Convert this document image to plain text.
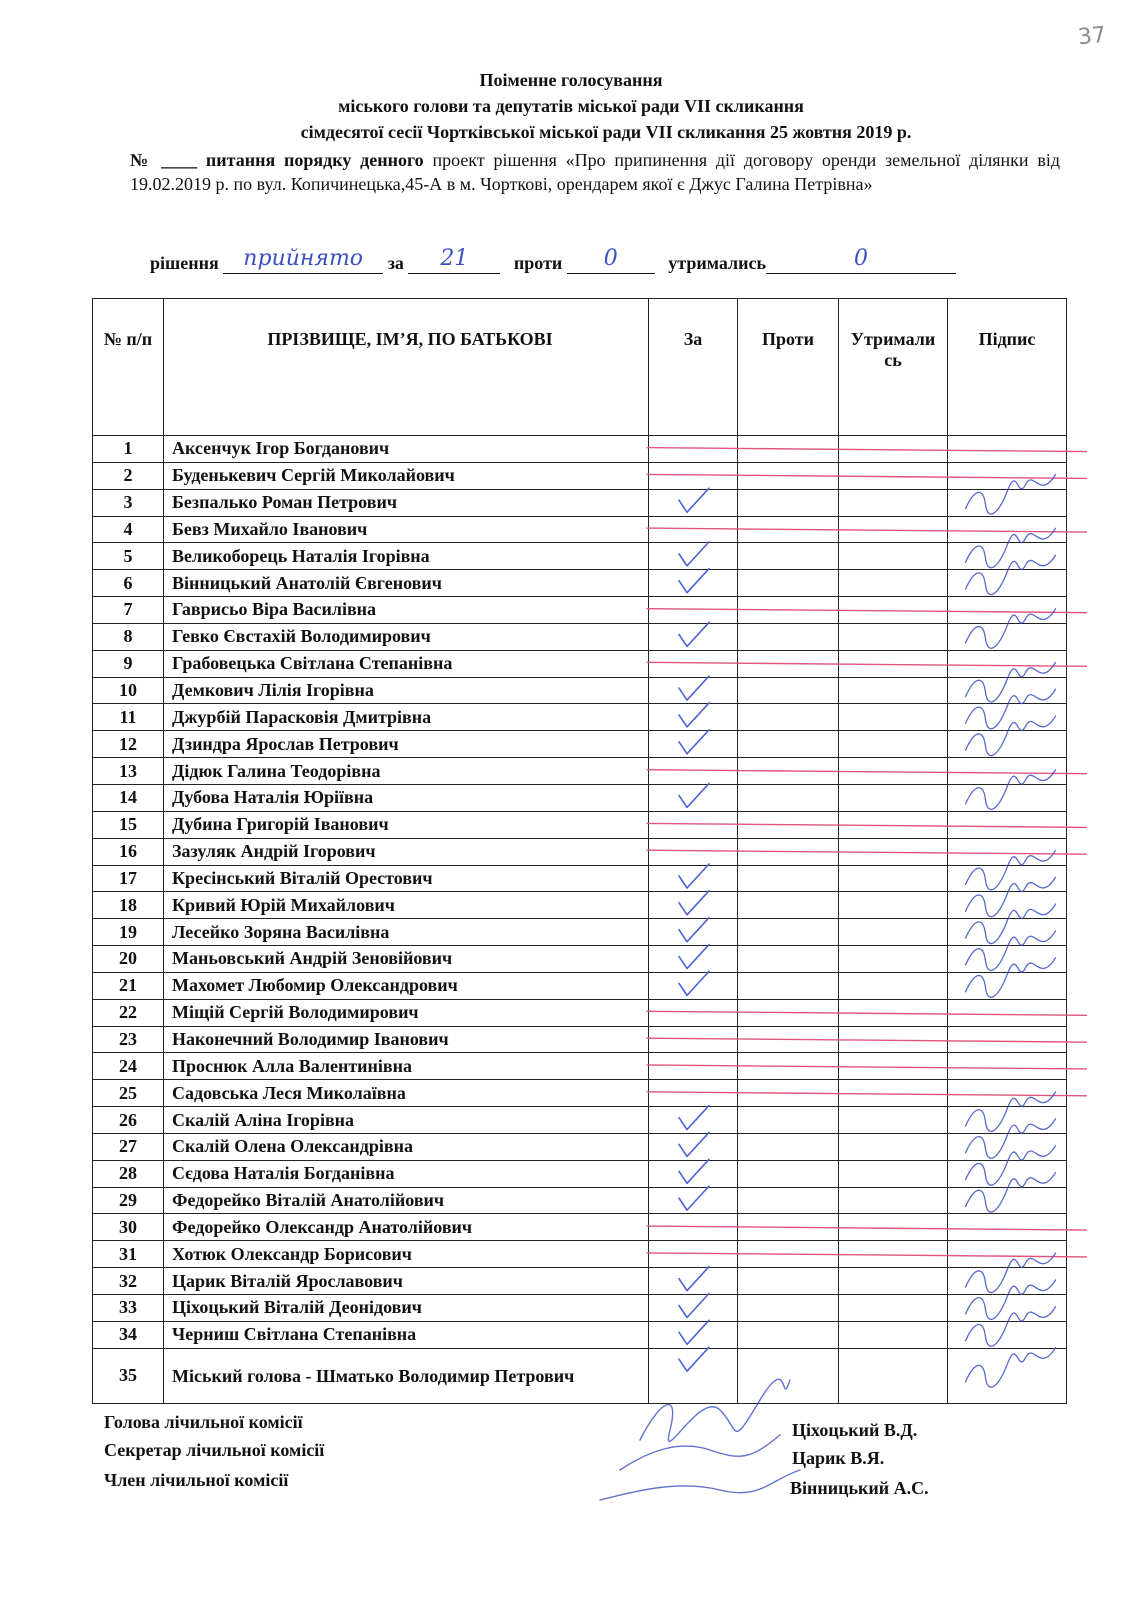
37
Поіменне голосування
міського голови та депутатів міської ради VII скликання
сімдесятої сесії Чортківської міської ради VII скликання 25 жовтня 2019 р.
№ ____ питання порядку денного проект рішення «Про припинення дії договору оренди земельної ділянки від 19.02.2019 р. по вул. Копичинецька,45-А в м. Чорткові, орендарем якої є Джус Галина Петрівна»
рішення	прийнято	за	21	проти	0	утримались	0

№ п/п	ПРІЗВИЩЕ, ІМ’Я, ПО БАТЬКОВІ	За	Проти	Утримались	Підпис
1	Аксенчук Ігор Богданович				
2	Буденькевич Сергій Миколайович				
3	Безпалько Роман Петрович				
4	Бевз Михайло Іванович				
5	Великоборець Наталія Ігорівна				
6	Вінницький Анатолій Євгенович				
7	Гаврисьо Віра Василівна				
8	Гевко Євстахій Володимирович				
9	Грабовецька Світлана Степанівна				
10	Демкович Лілія Ігорівна				
11	Джурбій Парасковія Дмитрівна				
12	Дзиндра Ярослав Петрович				
13	Дідюк Галина Теодорівна				
14	Дубова Наталія Юріївна				
15	Дубина Григорій Іванович				
16	Зазуляк Андрій Ігорович				
17	Кресінський Віталій Орестович				
18	Кривий Юрій Михайлович				
19	Лесейко Зоряна Василівна				
20	Маньовський Андрій Зеновійович				
21	Махомет Любомир Олександрович				
22	Міщій Сергій Володимирович				
23	Наконечний Володимир Іванович				
24	Проснюк Алла Валентинівна				
25	Садовська Леся Миколаївна				
26	Скалій Аліна Ігорівна				
27	Скалій Олена Олександрівна				
28	Сєдова Наталія Богданівна				
29	Федорейко Віталій Анатолійович				
30	Федорейко Олександр Анатолійович				
31	Хотюк Олександр Борисович				
32	Царик Віталій Ярославович				
33	Ціхоцький Віталій Деонідович				
34	Черниш Світлана Степанівна				
35	Міський голова - Шматько Володимир Петрович				
Голова лічильної комісії
Секретар лічильної комісії
Член лічильної комісії
Ціхоцький В.Д.
Царик В.Я.
Вінницький А.С.
